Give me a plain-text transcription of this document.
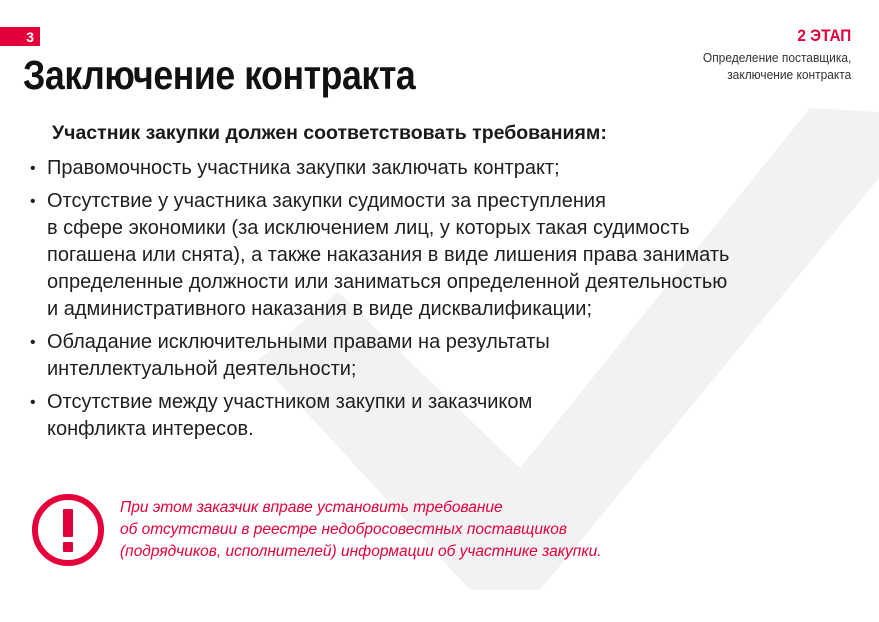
3	2 ЭТАП
Определение поставщика,
заключение контракта
Заключение контракта
Участник закупки должен соответствовать требованиям:
• Правомочность участника закупки заключать контракт;
• Отсутствие у участника закупки судимости за преступления
в сфере экономики (за исключением лиц, у которых такая судимость
погашена или снята), а также наказания в виде лишения права занимать
определенные должности или заниматься определенной деятельностью
и административного наказания в виде дисквалификации;
• Обладание исключительными правами на результаты
интеллектуальной деятельности;
• Отсутствие между участником закупки и заказчиком
конфликта интересов.
При этом заказчик вправе установить требование
об отсутствии в реестре недобросовестных поставщиков
(подрядчиков, исполнителей) информации об участнике закупки.
